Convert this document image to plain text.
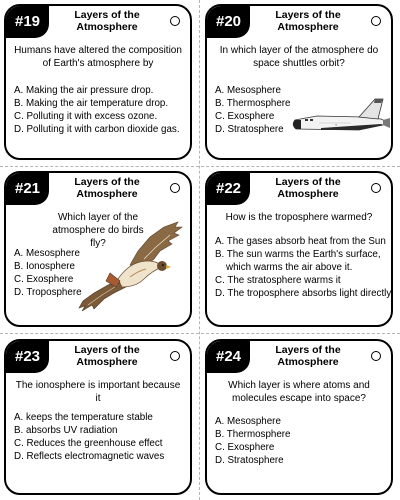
#19	Layers of the Atmosphere
Humans have altered the composition of Earth's atmosphere by
A. Making the air pressure drop.
B. Making the air temperature drop.
C. Polluting it with excess ozone.
D. Polluting it with carbon dioxide gas.
#20	Layers of the Atmosphere
In which layer of the atmosphere do space shuttles orbit?
A. Mesosphere
B. Thermosphere
C. Exosphere
D. Stratosphere	≡
#21	Layers of the Atmosphere
Which layer of the atmosphere do birds fly?
A. Mesosphere
B. Ionosphere
C. Exosphere
D. Troposphere
#22	Layers of the Atmosphere
How is the troposphere warmed?
A. The gases absorb heat from the Sun
B. The sun warms the Earth's surface, which warms the air above it.
C. The stratosphere warms it
D. The troposphere absorbs light directly
#23	Layers of the Atmosphere
The ionosphere is important because it
A. keeps the temperature stable
B. absorbs UV radiation
C. Reduces the greenhouse effect
D. Reflects electromagnetic waves
#24	Layers of the Atmosphere
Which layer is where atoms and molecules escape into space?
A. Mesosphere
B. Thermosphere
C. Exosphere
D. Stratosphere
